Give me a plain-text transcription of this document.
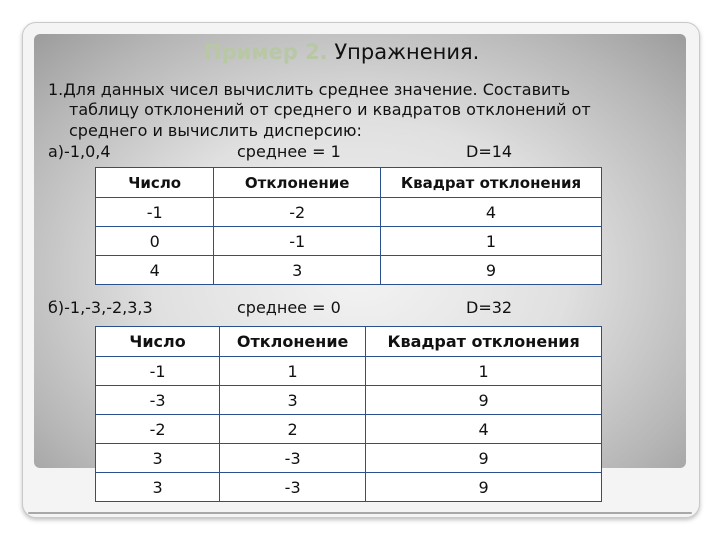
Пример 2. Упражнения.
1.Для данных чисел вычислить среднее значение. Составить
таблицу отклонений от среднего и квадратов отклонений от
среднего и вычислить дисперсию:
а)-1,0,4	среднее = 1	D=14
Число	Отклонение	Квадрат отклонения
-1	-2	4
0	-1	1
4	3	9
б)-1,-3,-2,3,3	среднее = 0	D=32
Число	Отклонение	Квадрат отклонения
-1	1	1
-3	3	9
-2	2	4
3	-3	9
3	-3	9
